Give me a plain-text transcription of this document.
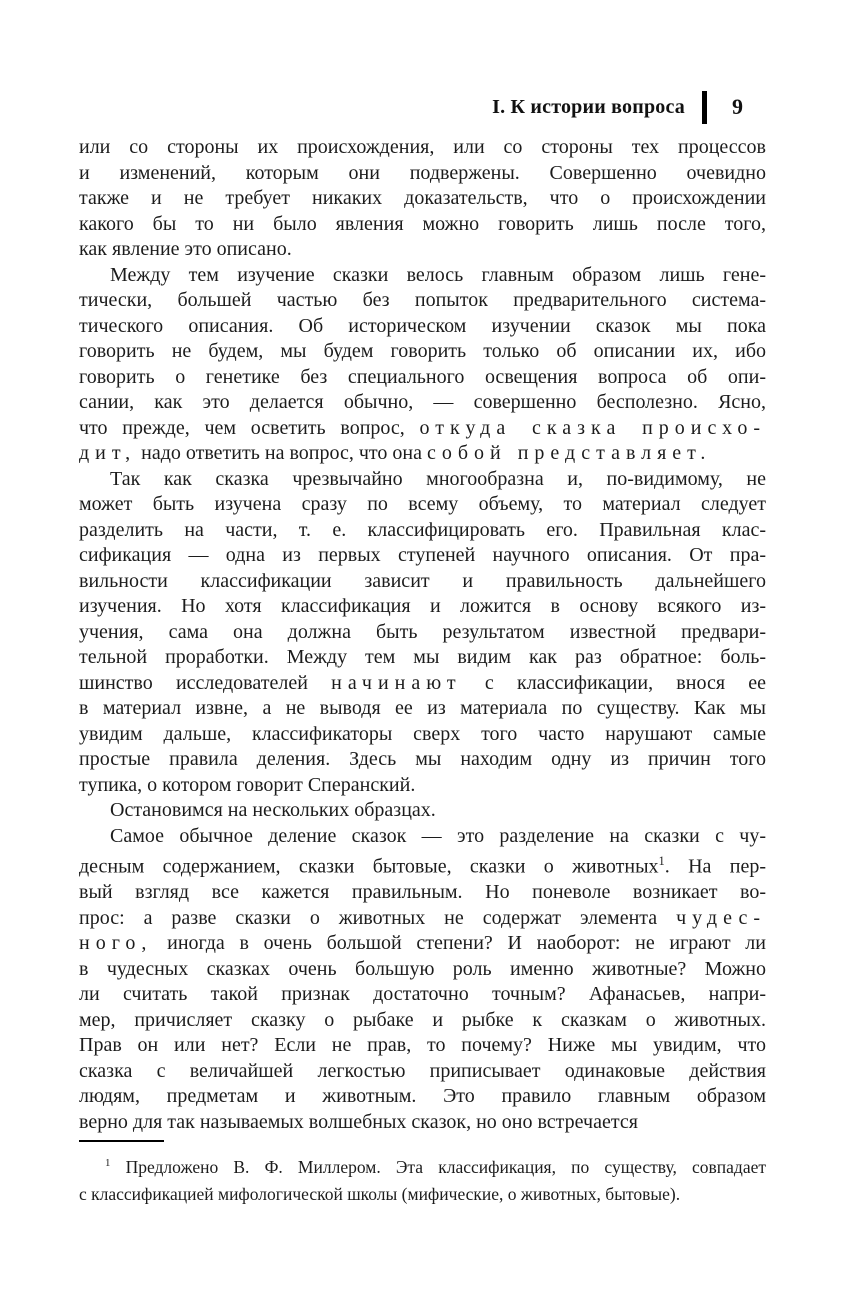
I. К истории вопроса 9
или со стороны их происхождения, или со стороны тех процессов
и изменений, которым они подвержены. Совершенно очевидно
также и не требует никаких доказательств, что о происхождении
какого бы то ни было явления можно говорить лишь после того,
как явление это описано.
Между тем изучение сказки велось главным образом лишь гене-
тически, большей частью без попыток предварительного система-
тического описания. Об историческом изучении сказок мы пока
говорить не будем, мы будем говорить только об описании их, ибо
говорить о генетике без специального освещения вопроса об опи-
сании, как это делается обычно, — совершенно бесполезно. Ясно,
что прежде, чем осветить вопрос, откуда сказка происхо-
дит, надо ответить на вопрос, что она собой представляет.
Так как сказка чрезвычайно многообразна и, по-видимому, не
может быть изучена сразу по всему объему, то материал следует
разделить на части, т. е. классифицировать его. Правильная клас-
сификация — одна из первых ступеней научного описания. От пра-
вильности классификации зависит и правильность дальнейшего
изучения. Но хотя классификация и ложится в основу всякого из-
учения, сама она должна быть результатом известной предвари-
тельной проработки. Между тем мы видим как раз обратное: боль-
шинство исследователей начинают с классификации, внося ее
в материал извне, а не выводя ее из материала по существу. Как мы
увидим дальше, классификаторы сверх того часто нарушают самые
простые правила деления. Здесь мы находим одну из причин того
тупика, о котором говорит Сперанский.
Остановимся на нескольких образцах.
Самое обычное деление сказок — это разделение на сказки с чу-
десным содержанием, сказки бытовые, сказки о животных$^1$. На пер-
вый взгляд все кажется правильным. Но поневоле возникает во-
прос: а разве сказки о животных не содержат элемента чудес-
ного, иногда в очень большой степени? И наоборот: не играют ли
в чудесных сказках очень большую роль именно животные? Можно
ли считать такой признак достаточно точным? Афанасьев, напри-
мер, причисляет сказку о рыбаке и рыбке к сказкам о животных.
Прав он или нет? Если не прав, то почему? Ниже мы увидим, что
сказка с величайшей легкостью приписывает одинаковые действия
людям, предметам и животным. Это правило главным образом
верно для так называемых волшебных сказок, но оно встречается
$^1$ Предложено В. Ф. Миллером. Эта классификация, по существу, совпадает
с классификацией мифологической школы (мифические, о животных, бытовые).
